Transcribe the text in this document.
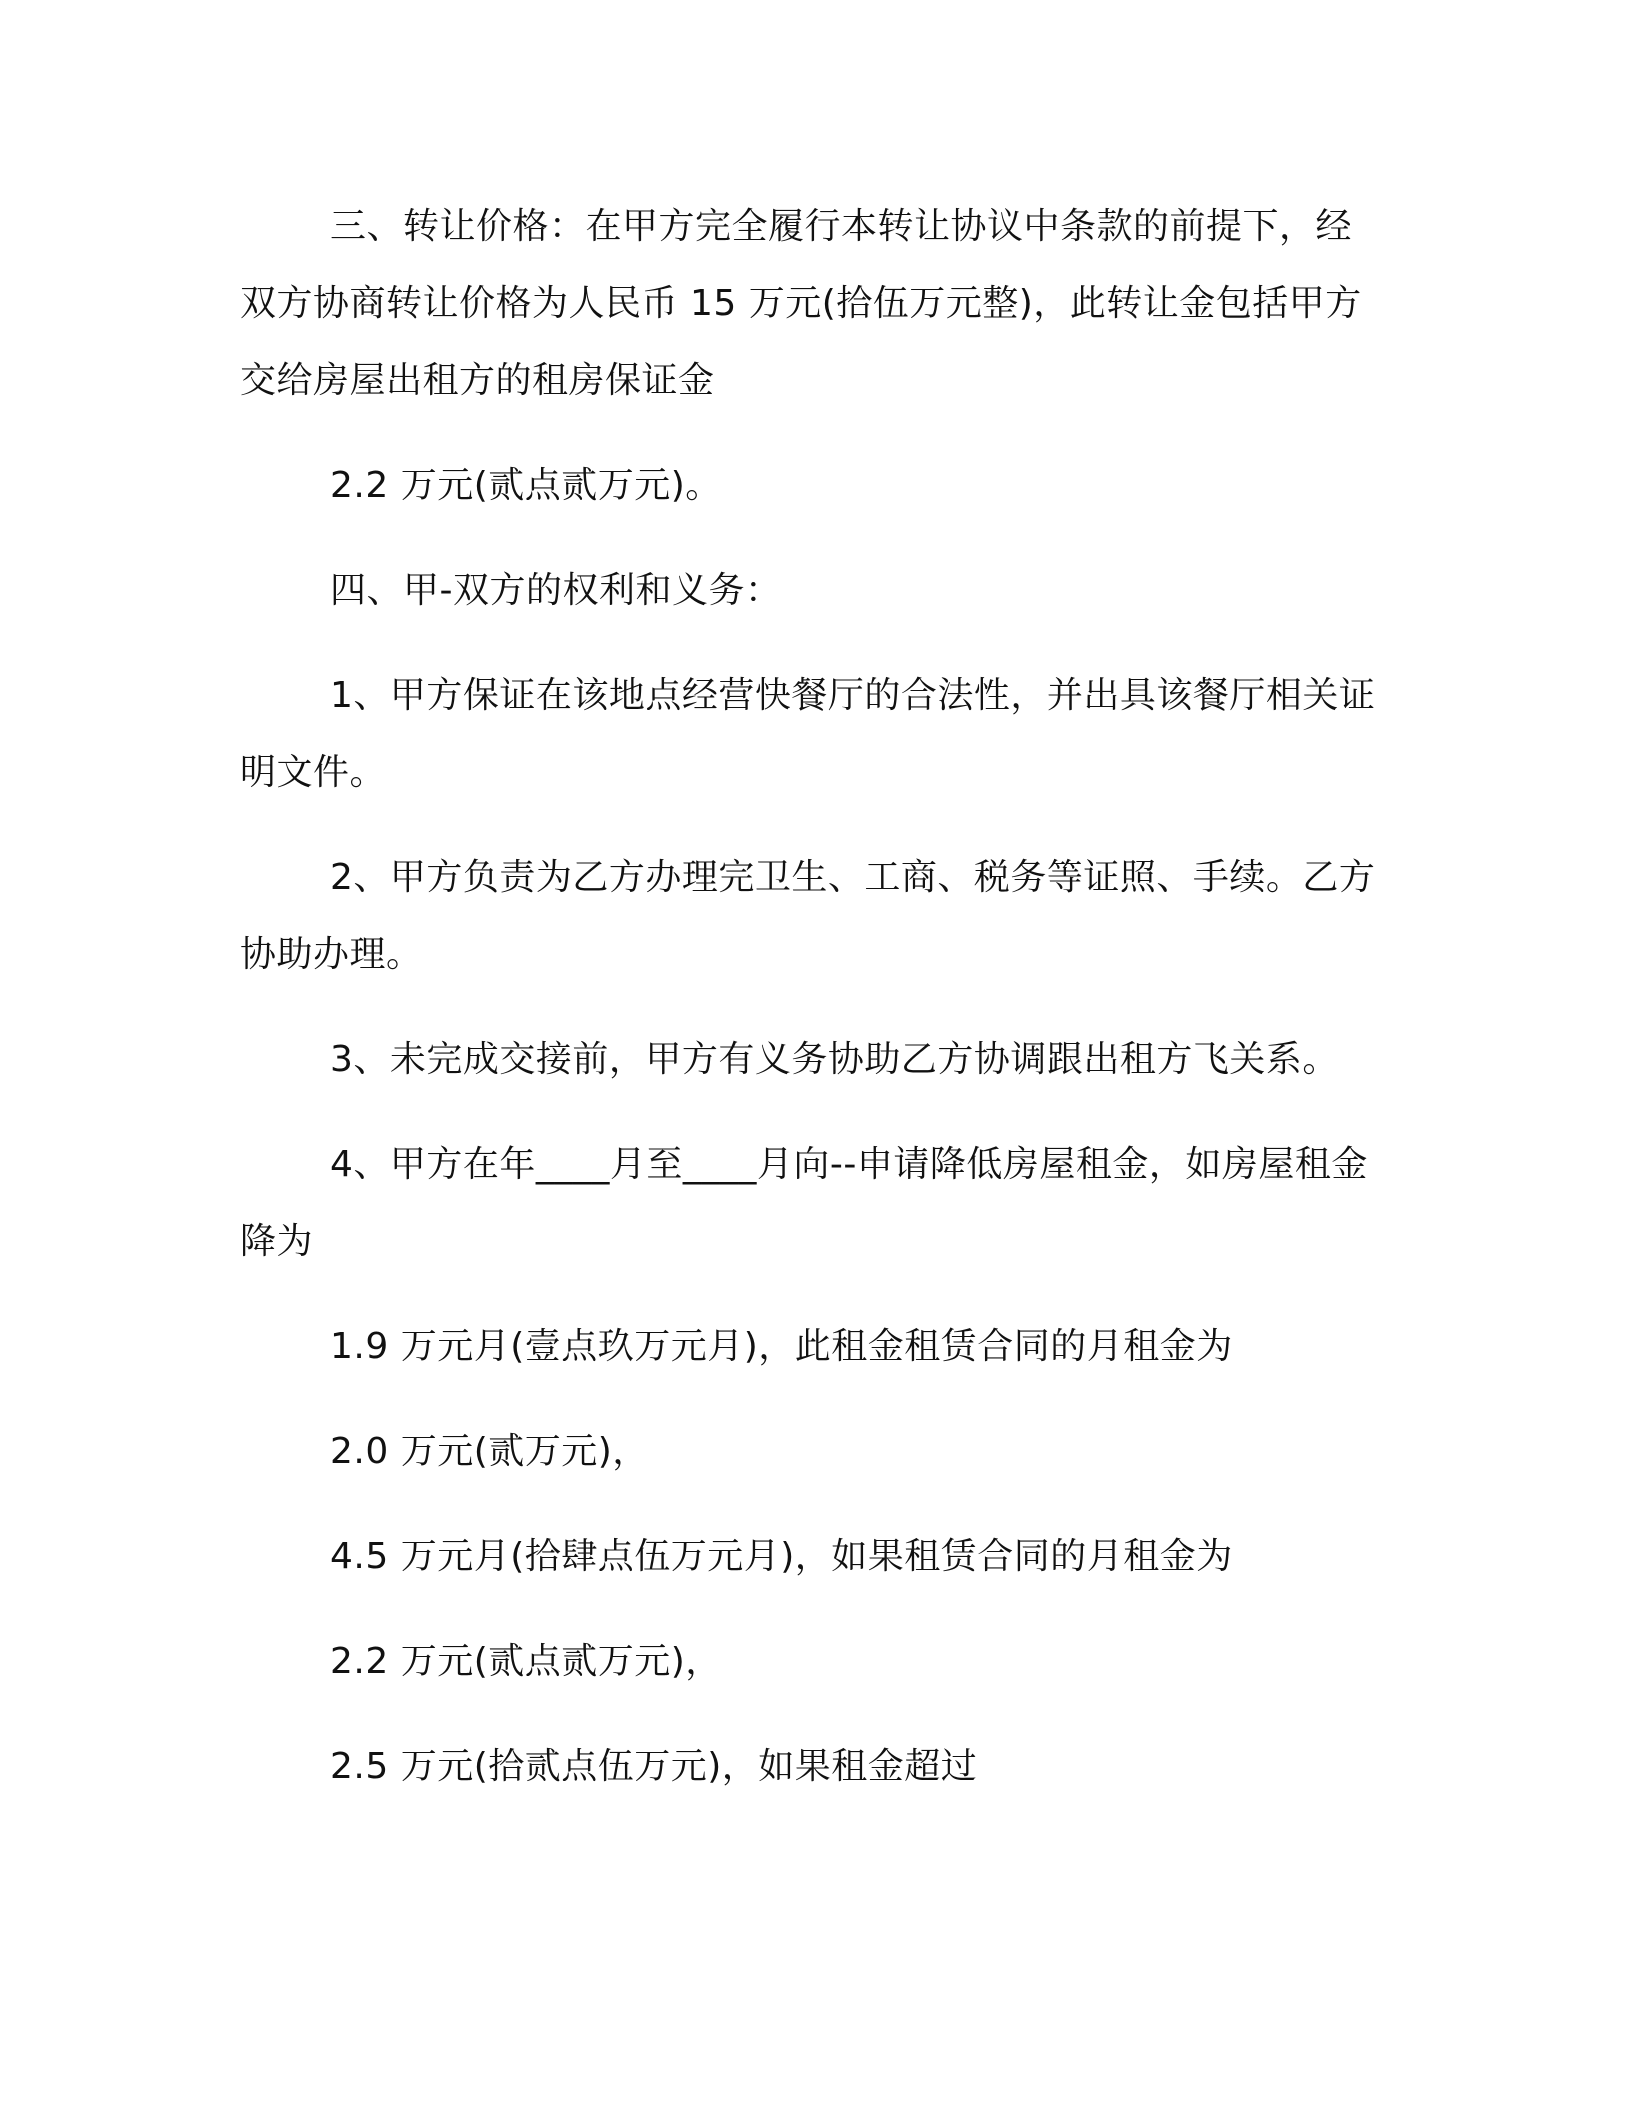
三、转让价格：在甲方完全履行本转让协议中条款的前提下，经双方协商转让价格为人民币 15 万元(拾伍万元整)，此转让金包括甲方交给房屋出租方的租房保证金

2.2 万元(贰点贰万元)。

四、甲-双方的权利和义务：

1、甲方保证在该地点经营快餐厅的合法性，并出具该餐厅相关证明文件。

2、甲方负责为乙方办理完卫生、工商、税务等证照、手续。乙方协助办理。

3、未完成交接前，甲方有义务协助乙方协调跟出租方飞关系。

4、甲方在年____月至____月向--申请降低房屋租金，如房屋租金降为

1.9 万元月(壹点玖万元月)，此租金租赁合同的月租金为

2.0 万元(贰万元)，

4.5 万元月(拾肆点伍万元月)，如果租赁合同的月租金为

2.2 万元(贰点贰万元)，

2.5 万元(拾贰点伍万元)，如果租金超过
